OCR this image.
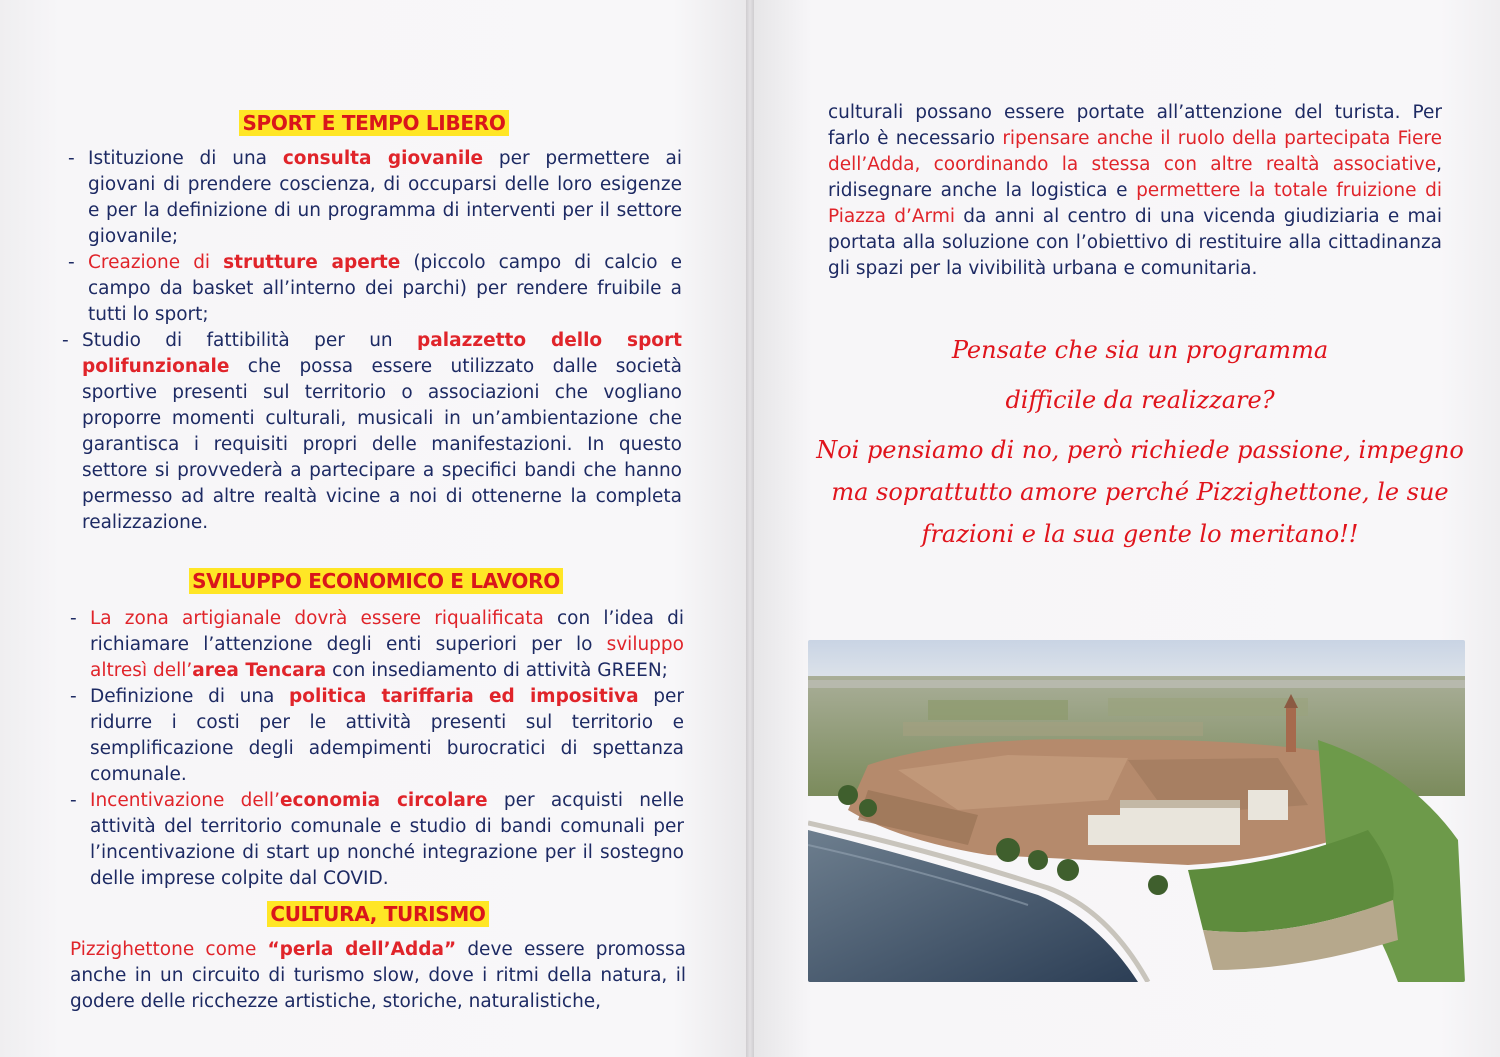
SPORT E TEMPO LIBERO
- Istituzione di una consulta giovanile per permettere ai giovani di prendere coscienza, di occuparsi delle loro esigenze e per la definizione di un programma di interventi per il settore giovanile;
- Creazione di strutture aperte (piccolo campo di calcio e campo da basket all’interno dei parchi) per rendere fruibile a tutti lo sport;
- Studio di fattibilità per un palazzetto dello sport polifunzionale che possa essere utilizzato dalle società sportive presenti sul territorio o associazioni che vogliano proporre momenti culturali, musicali in un’ambientazione che garantisca i requisiti propri delle manifestazioni. In questo settore si provvederà a partecipare a specifici bandi che hanno permesso ad altre realtà vicine a noi di ottenerne la completa realizzazione.
SVILUPPO ECONOMICO E LAVORO
- La zona artigianale dovrà essere riqualificata con l’idea di richiamare l’attenzione degli enti superiori per lo sviluppo altresì dell’area Tencara con insediamento di attività GREEN;
- Definizione di una politica tariffaria ed impositiva per ridurre i costi per le attività presenti sul territorio e semplificazione degli adempimenti burocratici di spettanza comunale.
- Incentivazione dell’economia circolare per acquisti nelle attività del territorio comunale e studio di bandi comunali per l’incentivazione di start up nonché integrazione per il sostegno delle imprese colpite dal COVID.
CULTURA, TURISMO
Pizzighettone come “perla dell’Adda” deve essere promossa anche in un circuito di turismo slow, dove i ritmi della natura, il godere delle ricchezze artistiche, storiche, naturalistiche,
culturali possano essere portate all’attenzione del turista. Per farlo è necessario ripensare anche il ruolo della partecipata Fiere dell’Adda, coordinando la stessa con altre realtà associative, ridisegnare anche la logistica e permettere la totale fruizione di Piazza d’Armi da anni al centro di una vicenda giudiziaria e mai portata alla soluzione con l’obiettivo di restituire alla cittadinanza gli spazi per la vivibilità urbana e comunitaria.
Pensate che sia un programma
difficile da realizzare?
Noi pensiamo di no, però richiede passione, impegno
ma soprattutto amore perché Pizzighettone, le sue
frazioni e la sua gente lo meritano!!
